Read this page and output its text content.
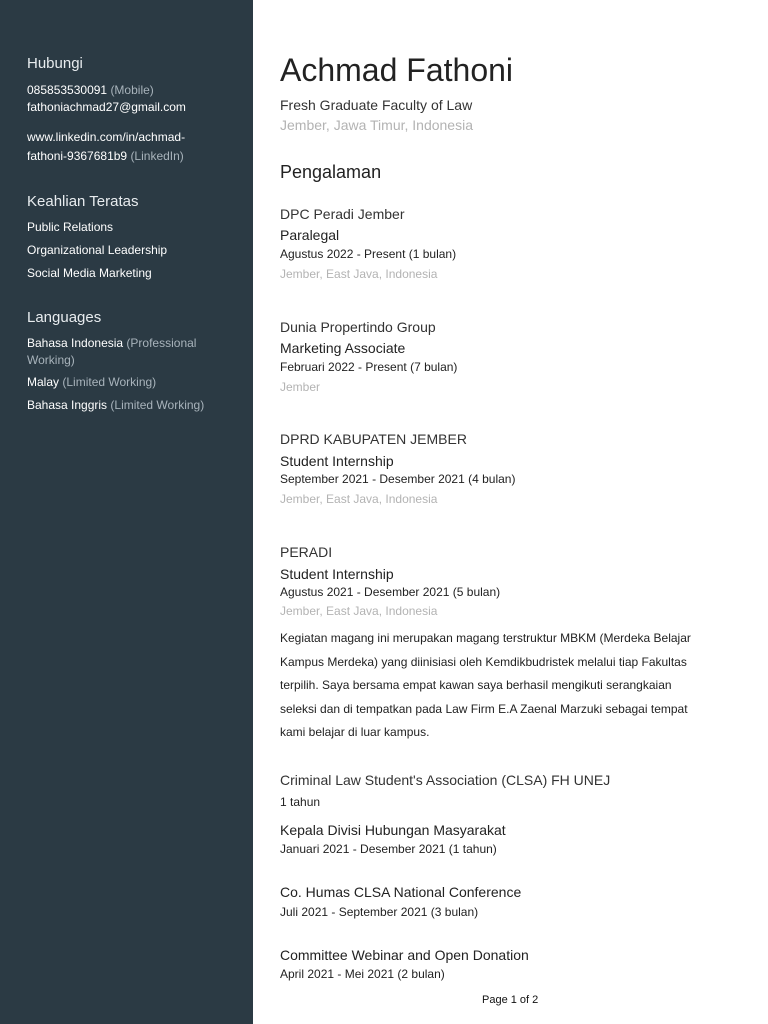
Hubungi
085853530091 (Mobile)
fathoniachmad27@gmail.com
www.linkedin.com/in/achmad-
fathoni-9367681b9 (LinkedIn)
Keahlian Teratas
Public Relations
Organizational Leadership
Social Media Marketing
Languages
Bahasa Indonesia (Professional
Working)
Malay (Limited Working)
Bahasa Inggris (Limited Working)
Achmad Fathoni
Fresh Graduate Faculty of Law
Jember, Jawa Timur, Indonesia
Pengalaman
DPC Peradi Jember
Paralegal
Agustus 2022 - Present (1 bulan)
Jember, East Java, Indonesia
Dunia Propertindo Group
Marketing Associate
Februari 2022 - Present (7 bulan)
Jember
DPRD KABUPATEN JEMBER
Student Internship
September 2021 - Desember 2021 (4 bulan)
Jember, East Java, Indonesia
PERADI
Student Internship
Agustus 2021 - Desember 2021 (5 bulan)
Jember, East Java, Indonesia
Kegiatan magang ini merupakan magang terstruktur MBKM (Merdeka Belajar
Kampus Merdeka) yang diinisiasi oleh Kemdikbudristek melalui tiap Fakultas
terpilih. Saya bersama empat kawan saya berhasil mengikuti serangkaian
seleksi dan di tempatkan pada Law Firm E.A Zaenal Marzuki sebagai tempat
kami belajar di luar kampus.
Criminal Law Student's Association (CLSA) FH UNEJ
1 tahun
Kepala Divisi Hubungan Masyarakat
Januari 2021 - Desember 2021 (1 tahun)
Co. Humas CLSA National Conference
Juli 2021 - September 2021 (3 bulan)
Committee Webinar and Open Donation
April 2021 - Mei 2021 (2 bulan)
Page 1 of 2
